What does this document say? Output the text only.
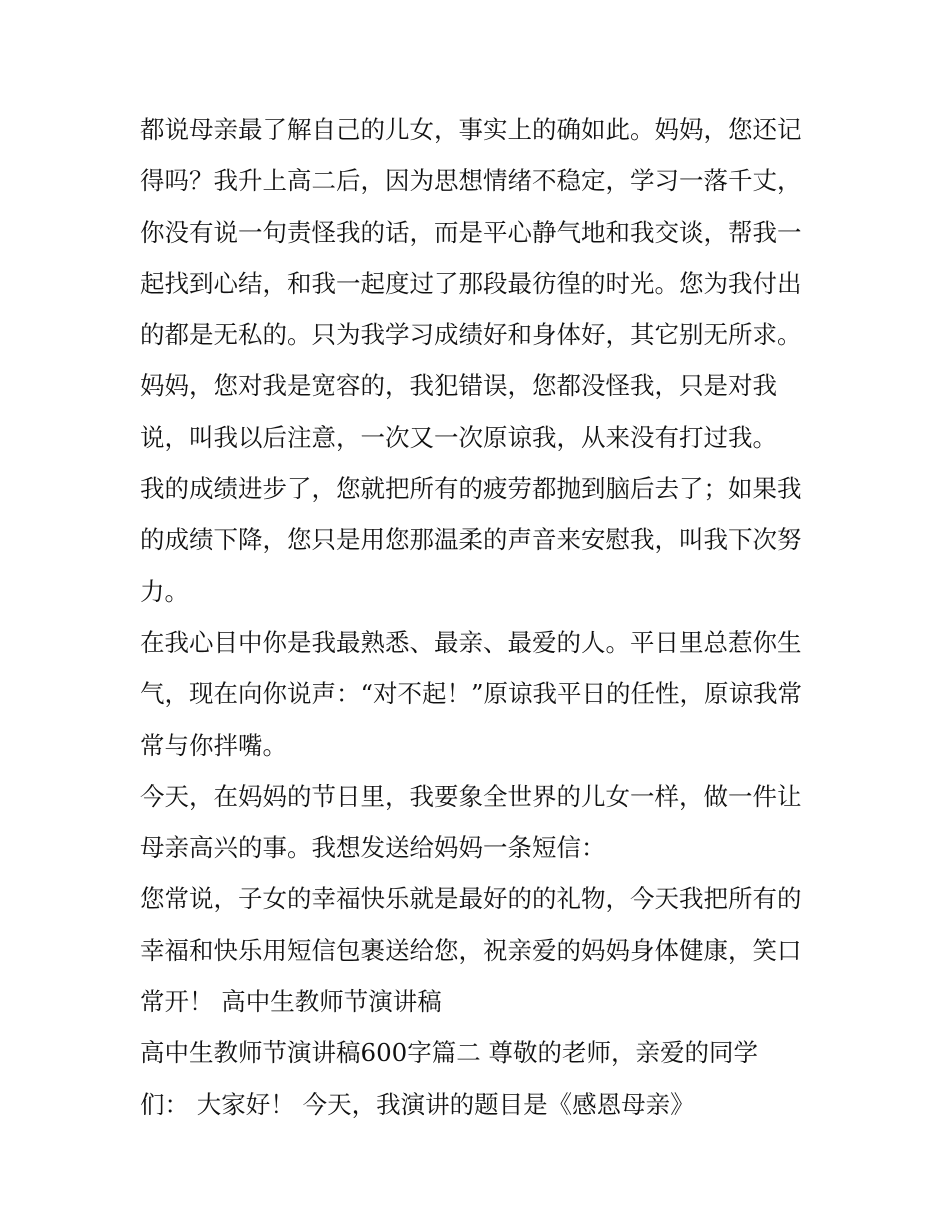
都说母亲最了解自己的儿女，事实上的确如此。妈妈，您还记
得吗？我升上高二后，因为思想情绪不稳定，学习一落千丈，
你没有说一句责怪我的话，而是平心静气地和我交谈，帮我一
起找到心结，和我一起度过了那段最彷徨的时光。您为我付出
的都是无私的。只为我学习成绩好和身体好，其它别无所求。
妈妈，您对我是宽容的，我犯错误，您都没怪我，只是对我
说，叫我以后注意，一次又一次原谅我，从来没有打过我。
我的成绩进步了，您就把所有的疲劳都抛到脑后去了；如果我
的成绩下降，您只是用您那温柔的声音来安慰我，叫我下次努
力。
在我心目中你是我最熟悉、最亲、最爱的人。平日里总惹你生
气，现在向你说声：“对不起！”原谅我平日的任性，原谅我常
常与你拌嘴。
今天，在妈妈的节日里，我要象全世界的儿女一样，做一件让
母亲高兴的事。我想发送给妈妈一条短信：
您常说，子女的幸福快乐就是最好的的礼物，今天我把所有的
幸福和快乐用短信包裹送给您，祝亲爱的妈妈身体健康，笑口
常开！ 高中生教师节演讲稿
高中生教师节演讲稿600字篇二 尊敬的老师，亲爱的同学
们： 大家好！ 今天，我演讲的题目是《感恩母亲》
